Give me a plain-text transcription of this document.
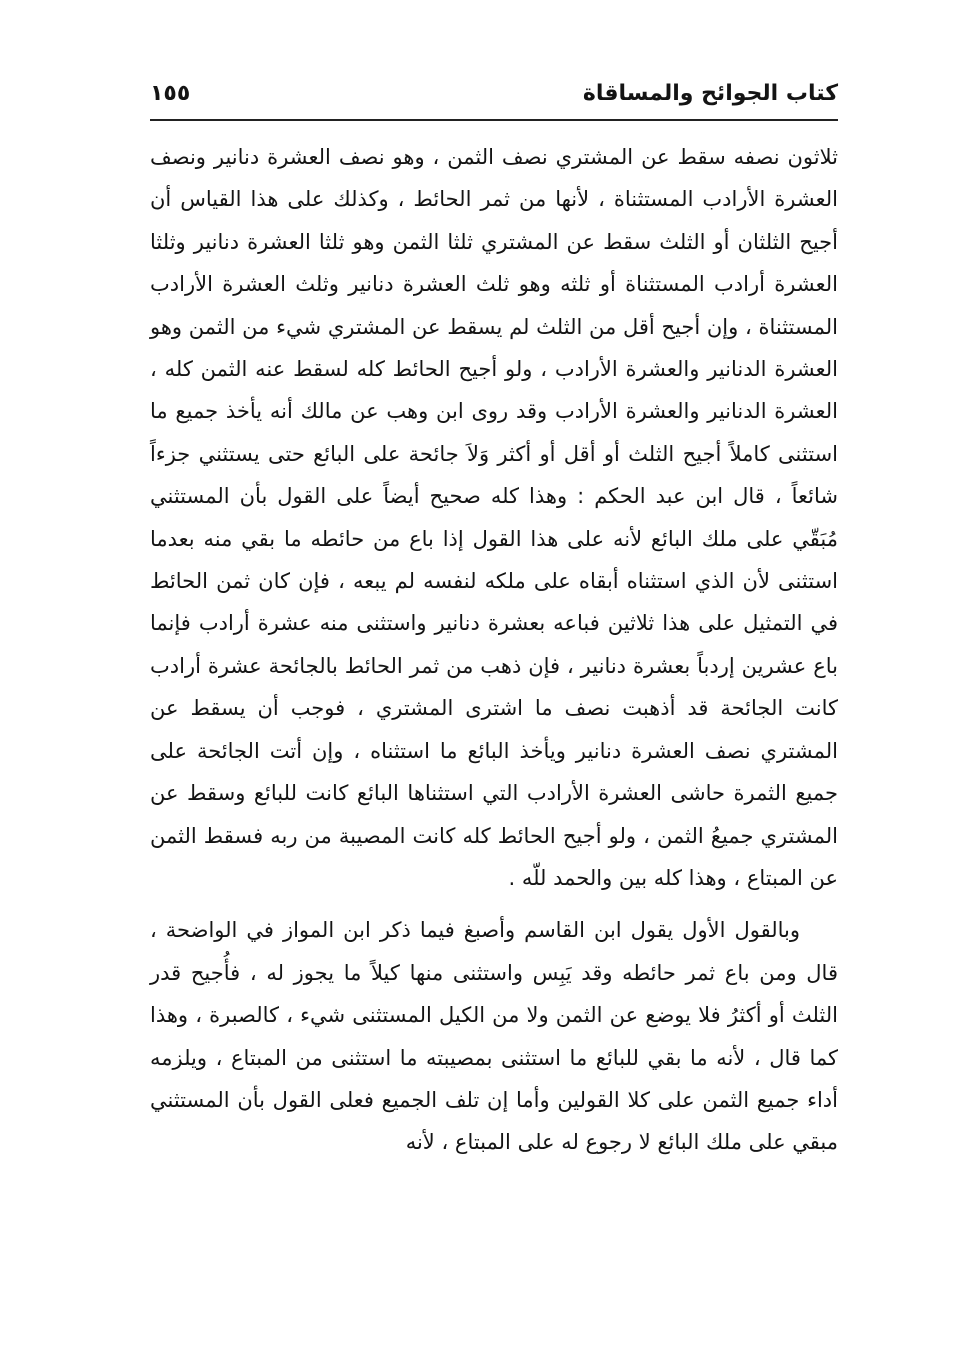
كتاب الجوائح والمساقاة
١٥٥

ثلاثون نصفه سقط عن المشتري نصف الثمن ، وهو نصف العشرة دنانير ونصف العشرة الأرادب المستثناة ، لأنها من ثمر الحائط ، وكذلك على هذا القياس أن أجيح الثلثان أو الثلث سقط عن المشتري ثلثا الثمن وهو ثلثا العشرة دنانير وثلثا العشرة أرادب المستثناة أو ثلثه وهو ثلث العشرة دنانير وثلث العشرة الأرادب المستثناة ، وإن أجيح أقل من الثلث لم يسقط عن المشتري شيء من الثمن وهو العشرة الدنانير والعشرة الأرادب ، ولو أجيح الحائط كله لسقط عنه الثمن كله ، العشرة الدنانير والعشرة الأرادب وقد روى ابن وهب عن مالك أنه يأخذ جميع ما استثنى كاملاً أجيح الثلث أو أقل أو أكثر وَلاَ جائحة على البائع حتى يستثني جزءاً شائعاً ، قال ابن عبد الحكم : وهذا كله صحيح أيضاً على القول بأن المستثني مُبَقّي على ملك البائع لأنه على هذا القول إذا باع من حائطه ما بقي منه بعدما استثنى لأن الذي استثناه أبقاه على ملكه لنفسه لم يبعه ، فإن كان ثمن الحائط في التمثيل على هذا ثلاثين فباعه بعشرة دنانير واستثنى منه عشرة أرادب فإنما باع عشرين إردباً بعشرة دنانير ، فإن ذهب من ثمر الحائط بالجائحة عشرة أرادب كانت الجائحة قد أذهبت نصف ما اشترى المشتري ، فوجب أن يسقط عن المشتري نصف العشرة دنانير ويأخذ البائع ما استثناه ، وإن أتت الجائحة على جميع الثمرة حاشى العشرة الأرادب التي استثناها البائع كانت للبائع وسقط عن المشتري جميعُ الثمن ، ولو أجيح الحائط كله كانت المصيبة من ربه فسقط الثمن عن المبتاع ، وهذا كله بين والحمد للّه .

وبالقول الأول يقول ابن القاسم وأصبغ فيما ذكر ابن المواز في الواضحة ، قال ومن باع ثمر حائطه وقد يَبِس واستثنى منها كيلاً ما يجوز له ، فأُجيح قدر الثلث أو أكثرُ فلا يوضع عن الثمن ولا من الكيل المستثنى شيء ، كالصبرة ، وهذا كما قال ، لأنه ما بقي للبائع ما استثنى بمصيبته ما استثنى من المبتاع ، ويلزمه أداء جميع الثمن على كلا القولين وأما إن تلف الجميع فعلى القول بأن المستثني مبقي على ملك البائع لا رجوع له على المبتاع ، لأنه
